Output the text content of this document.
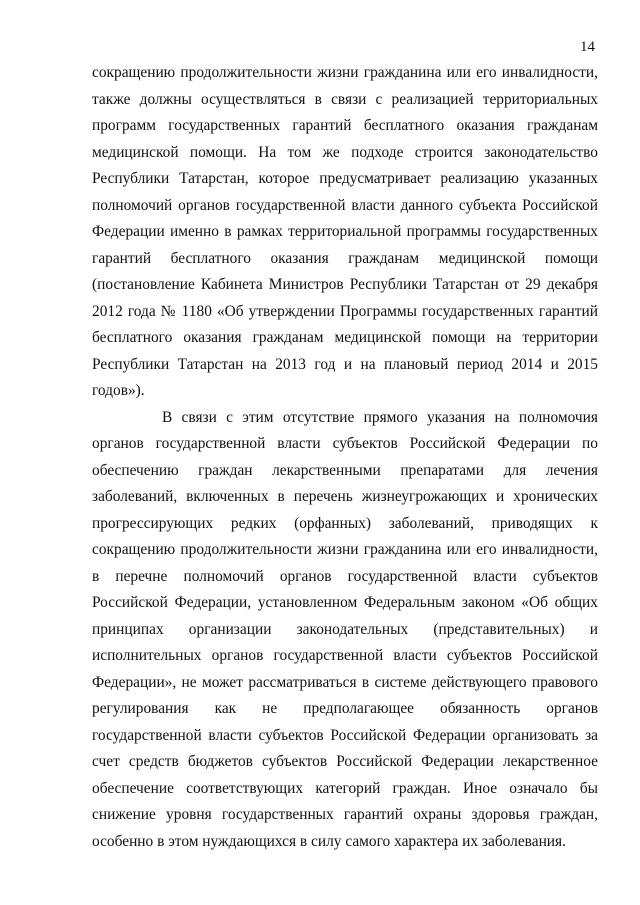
14

сокращению продолжительности жизни гражданина или его инвалидности, также должны осуществляться в связи с реализацией территориальных программ государственных гарантий бесплатного оказания гражданам медицинской помощи. На том же подходе строится законодательство Республики Татарстан, которое предусматривает реализацию указанных полномочий органов государственной власти данного субъекта Российской Федерации именно в рамках территориальной программы государственных гарантий бесплатного оказания гражданам медицинской помощи (постановление Кабинета Министров Республики Татарстан от 29 декабря 2012 года № 1180 «Об утверждении Программы государственных гарантий бесплатного оказания гражданам медицинской помощи на территории Республики Татарстан на 2013 год и на плановый период 2014 и 2015 годов»).

В связи с этим отсутствие прямого указания на полномочия органов государственной власти субъектов Российской Федерации по обеспечению граждан лекарственными препаратами для лечения заболеваний, включенных в перечень жизнеугрожающих и хронических прогрессирующих редких (орфанных) заболеваний, приводящих к сокращению продолжительности жизни гражданина или его инвалидности, в перечне полномочий органов государственной власти субъектов Российской Федерации, установленном Федеральным законом «Об общих принципах организации законодательных (представительных) и исполнительных органов государственной власти субъектов Российской Федерации», не может рассматриваться в системе действующего правового регулирования как не предполагающее обязанность органов государственной власти субъектов Российской Федерации организовать за счет средств бюджетов субъектов Российской Федерации лекарственное обеспечение соответствующих категорий граждан. Иное означало бы снижение уровня государственных гарантий охраны здоровья граждан, особенно в этом нуждающихся в силу самого характера их заболевания.
